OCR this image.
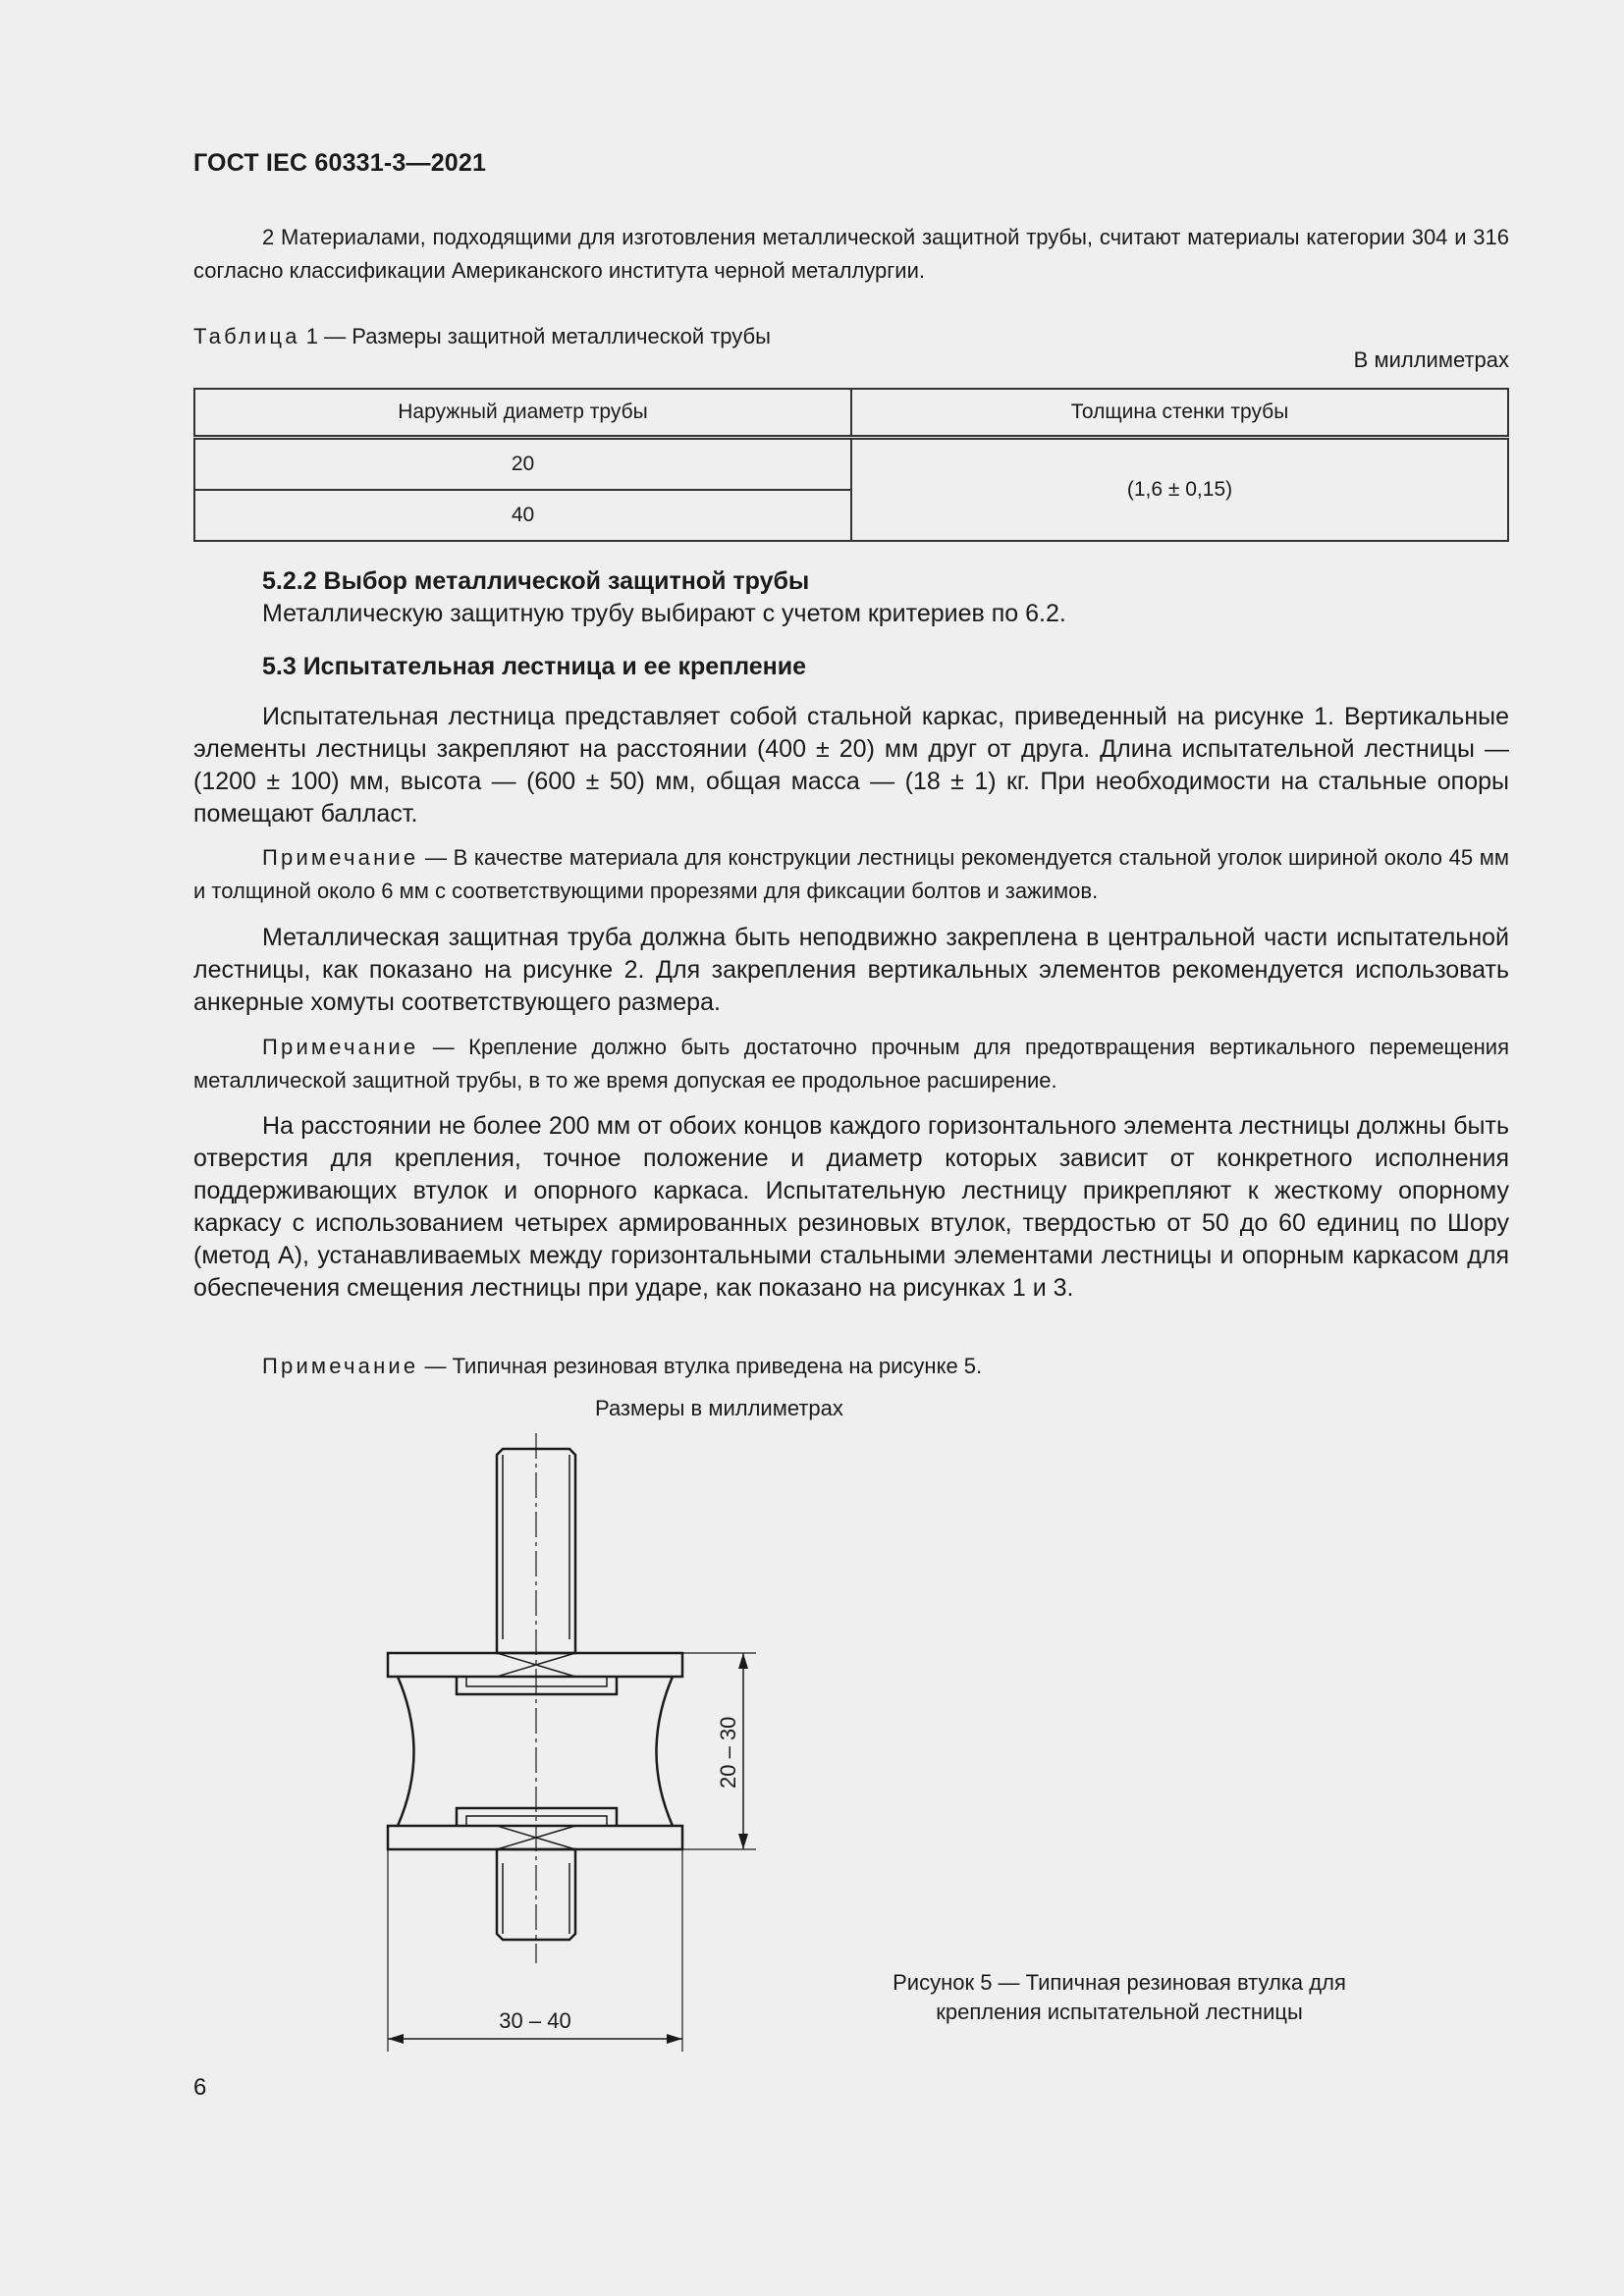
ГОСТ IEC 60331-3—2021
2 Материалами, подходящими для изготовления металлической защитной трубы, считают материалы категории 304 и 316 согласно классификации Американского института черной металлургии.
Таблица 1 — Размеры защитной металлической трубы
В миллиметрах
Наружный диаметр трубы	Толщина стенки трубы
20	(1,6 ± 0,15)
40	
5.2.2 Выбор металлической защитной трубы
Металлическую защитную трубу выбирают с учетом критериев по 6.2.
5.3 Испытательная лестница и ее крепление
Испытательная лестница представляет собой стальной каркас, приведенный на рисунке 1. Вертикальные элементы лестницы закрепляют на расстоянии (400 ± 20) мм друг от друга. Длина испытательной лестницы — (1200 ± 100) мм, высота — (600 ± 50) мм, общая масса — (18 ± 1) кг. При необходимости на стальные опоры помещают балласт.
Примечание — В качестве материала для конструкции лестницы рекомендуется стальной уголок шириной около 45 мм и толщиной около 6 мм с соответствующими прорезями для фиксации болтов и зажимов.
Металлическая защитная труба должна быть неподвижно закреплена в центральной части испытательной лестницы, как показано на рисунке 2. Для закрепления вертикальных элементов рекомендуется использовать анкерные хомуты соответствующего размера.
Примечание — Крепление должно быть достаточно прочным для предотвращения вертикального перемещения металлической защитной трубы, в то же время допуская ее продольное расширение.
На расстоянии не более 200 мм от обоих концов каждого горизонтального элемента лестницы должны быть отверстия для крепления, точное положение и диаметр которых зависит от конкретного исполнения поддерживающих втулок и опорного каркаса. Испытательную лестницу прикрепляют к жесткому опорному каркасу с использованием четырех армированных резиновых втулок, твердостью от 50 до 60 единиц по Шору (метод A), устанавливаемых между горизонтальными стальными элементами лестницы и опорным каркасом для обеспечения смещения лестницы при ударе, как показано на рисунках 1 и 3.
Примечание — Типичная резиновая втулка приведена на рисунке 5.
Размеры в миллиметрах
20 – 30
30 – 40
Рисунок 5 — Типичная резиновая втулка для крепления испытательной лестницы
6
